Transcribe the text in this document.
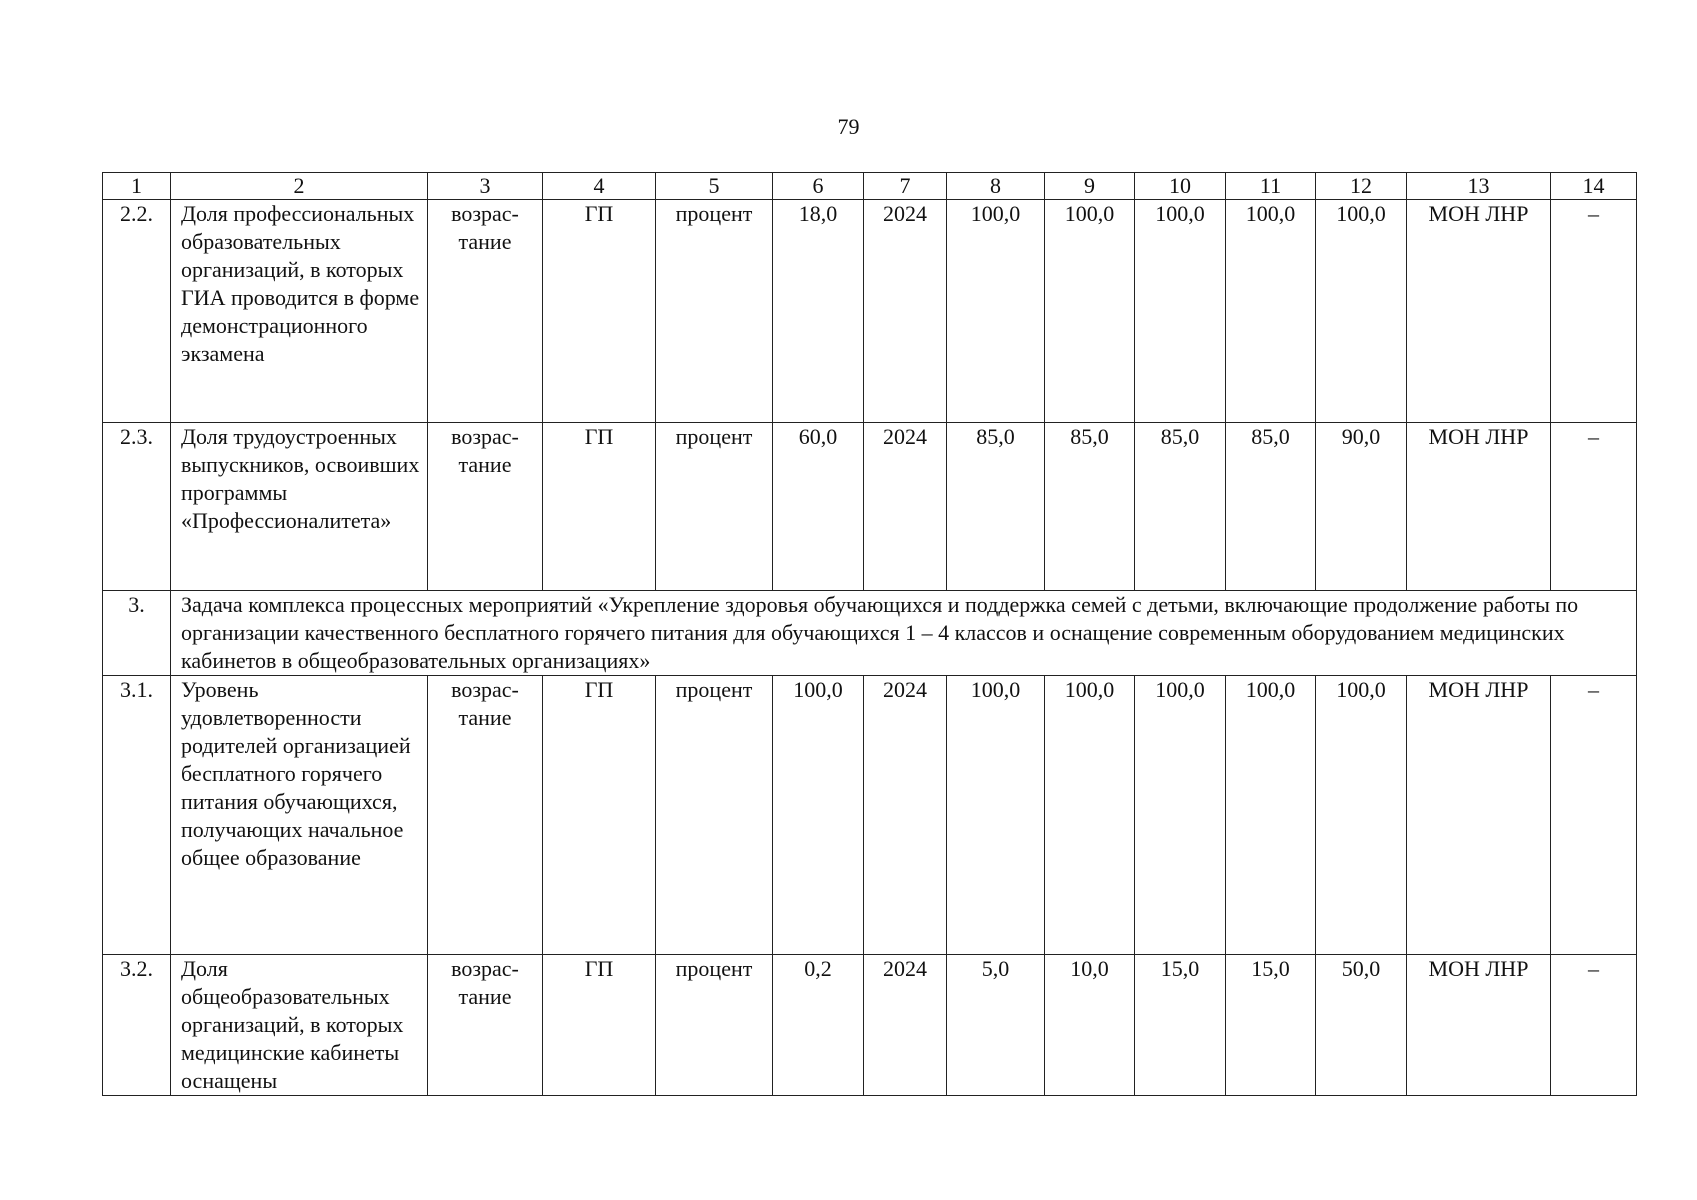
79
1	2	3	4	5	6	7	8	9	10	11	12	13	14
2.2.	Доля профессиональных образовательных организаций, в которых ГИА проводится в форме демонстрационного экзамена	возрас-тание	ГП	процент	18,0	2024	100,0	100,0	100,0	100,0	100,0	МОН ЛНР	–
2.3.	Доля трудоустроенных выпускников, освоивших программы «Профессионалитета»	возрас-тание	ГП	процент	60,0	2024	85,0	85,0	85,0	85,0	90,0	МОН ЛНР	–
3.	Задача комплекса процессных мероприятий «Укрепление здоровья обучающихся и поддержка семей с детьми, включающие продолжение работы по организации качественного бесплатного горячего питания для обучающихся 1 – 4 классов и оснащение современным оборудованием медицинских кабинетов в общеобразовательных организациях»												
3.1.	Уровень удовлетворенности родителей организацией бесплатного горячего питания обучающихся, получающих начальное общее образование	возрас-тание	ГП	процент	100,0	2024	100,0	100,0	100,0	100,0	100,0	МОН ЛНР	–
3.2.	Доля общеобразовательных организаций, в которых медицинские кабинеты оснащены	возрас-тание	ГП	процент	0,2	2024	5,0	10,0	15,0	15,0	50,0	МОН ЛНР	–
